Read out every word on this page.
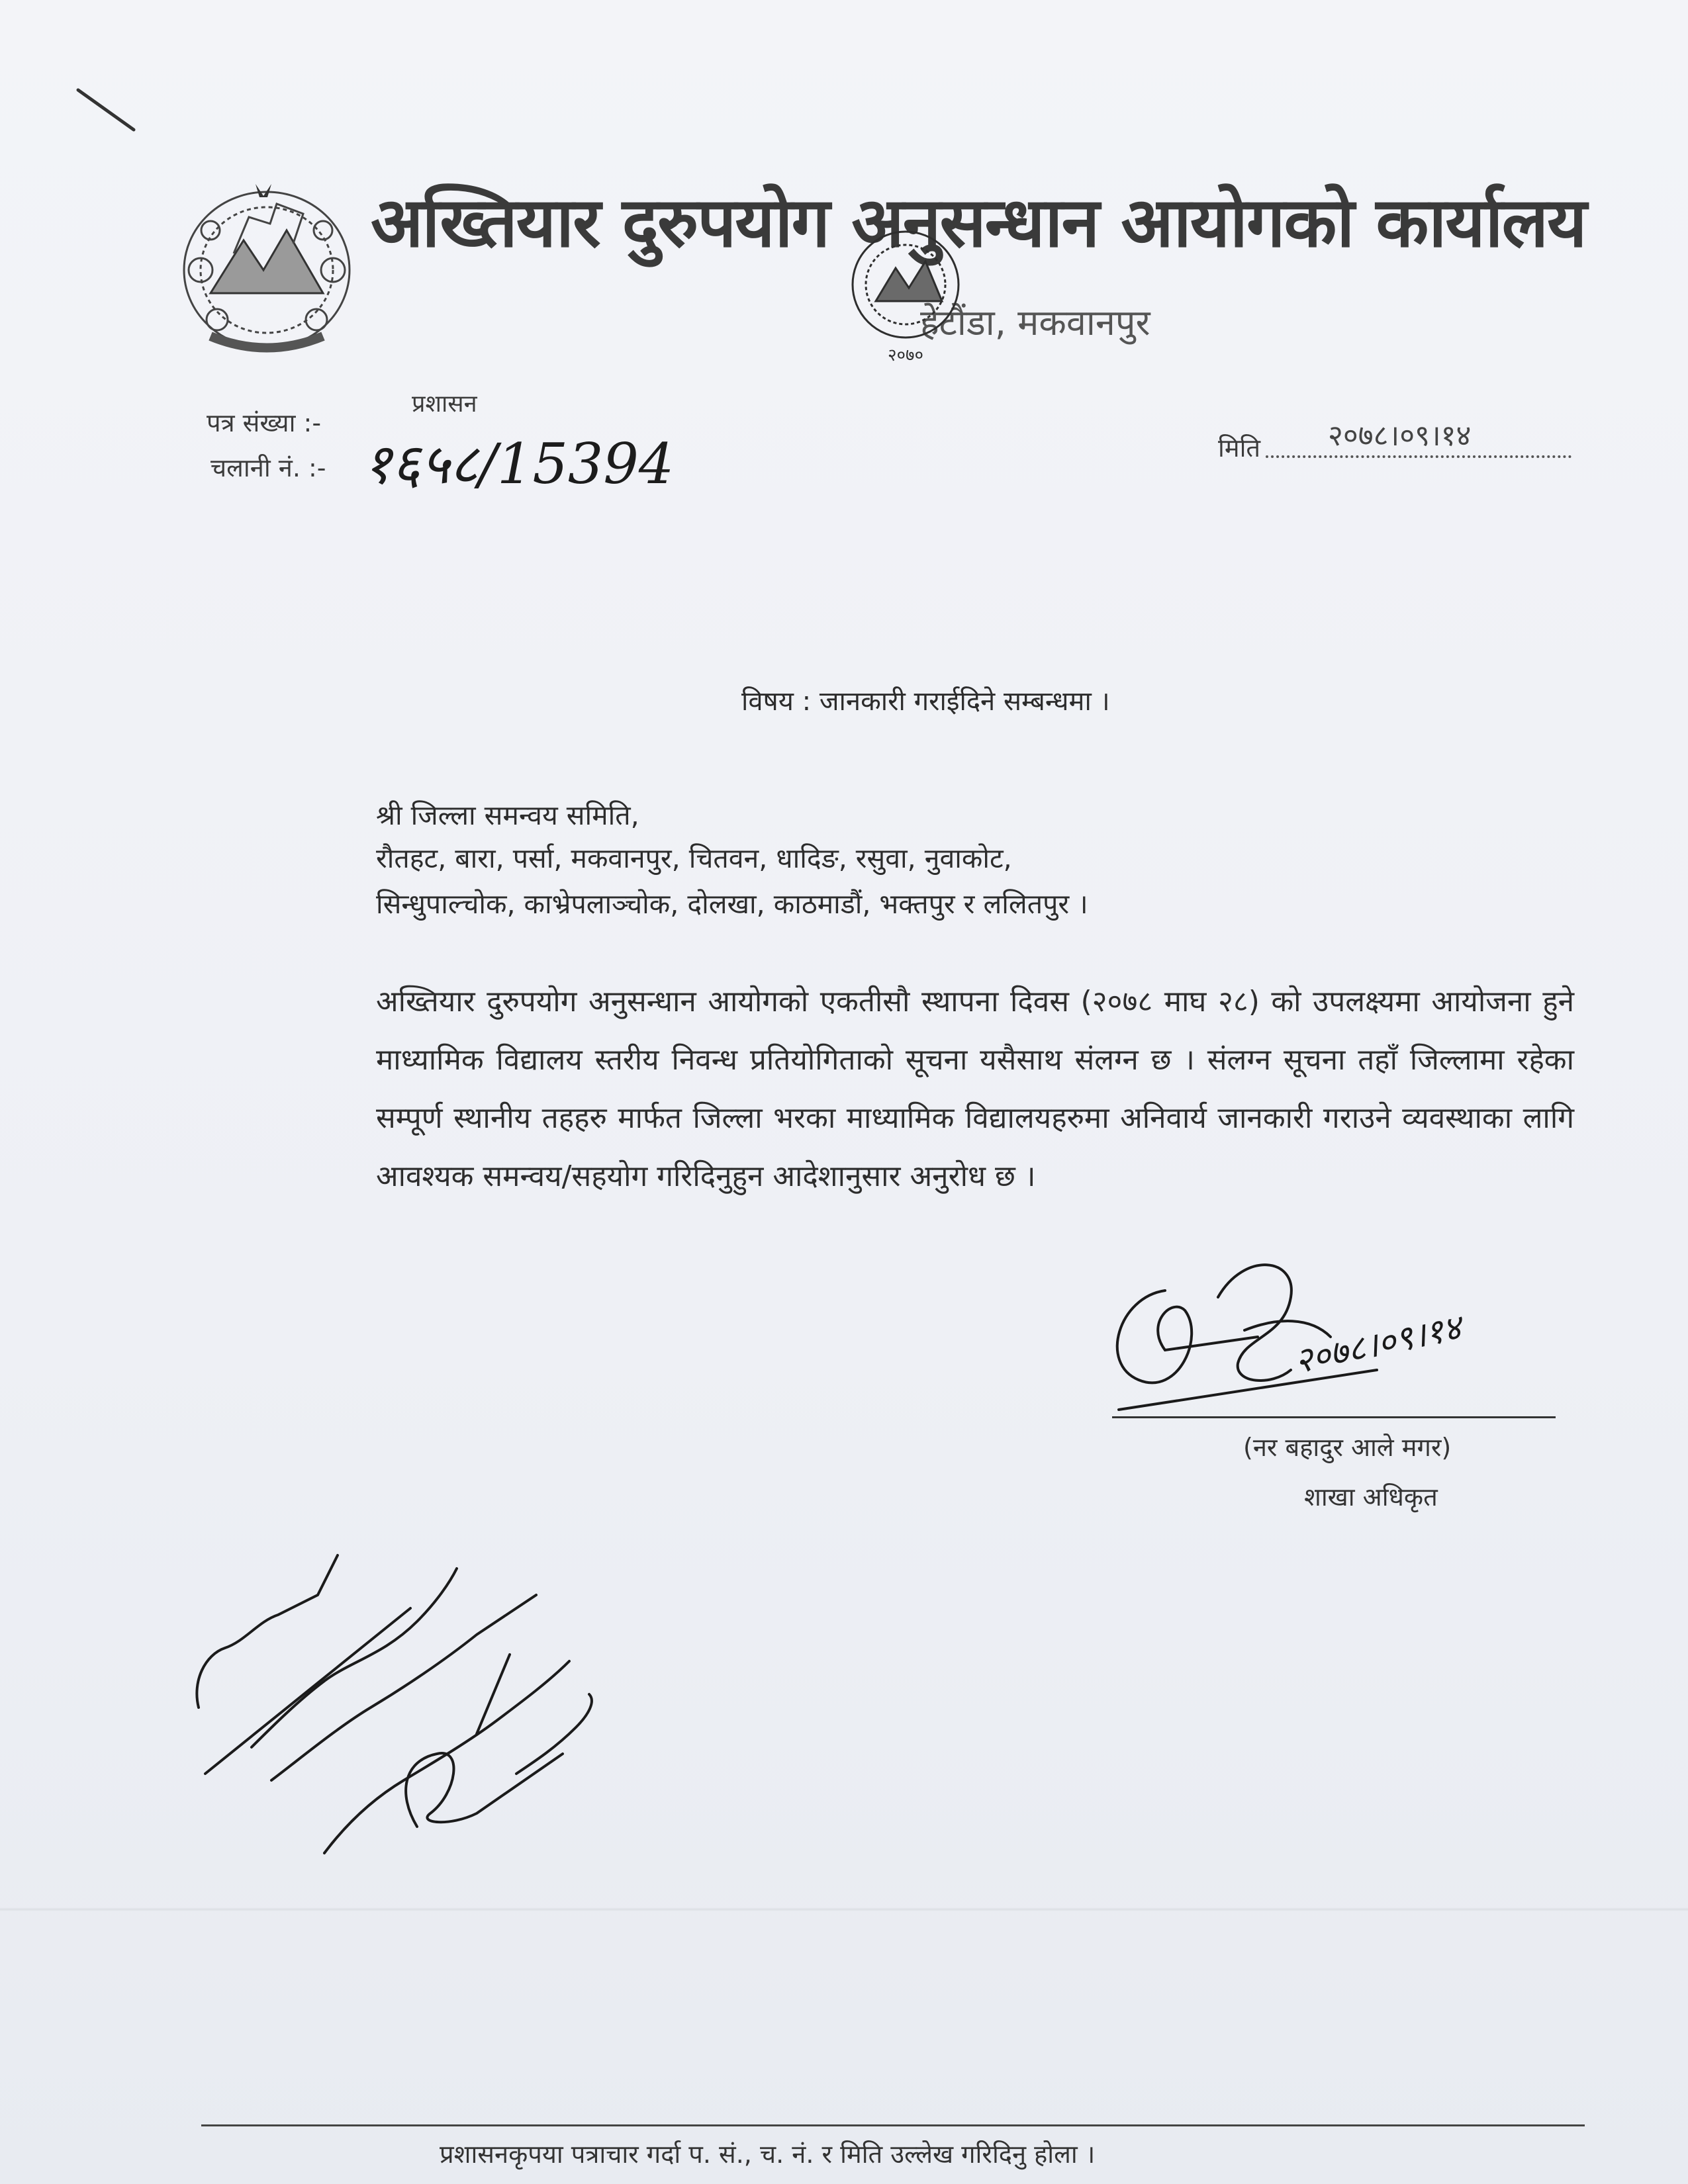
अख्तियार दुरुपयोग अनुसन्धान आयोगको कार्यालय
हेटौंडा, मकवानपुर
२०७०
प्रशासन
पत्र संख्या :-
चलानी नं. :- १६५८/15394	मिति २०७८।०९।१४
विषय : जानकारी गराईदिने सम्बन्धमा ।
श्री जिल्ला समन्वय समिति,
रौतहट, बारा, पर्सा, मकवानपुर, चितवन, धादिङ, रसुवा, नुवाकोट,
सिन्धुपाल्चोक, काभ्रेपलाञ्चोक, दोलखा, काठमाडौं, भक्तपुर र ललितपुर ।
अख्तियार दुरुपयोग अनुसन्धान आयोगको एकतीसौ स्थापना दिवस (२०७८ माघ २८) को उपलक्ष्यमा आयोजना हुने माध्यामिक विद्यालय स्तरीय निवन्ध प्रतियोगिताको सूचना यसैसाथ संलग्न छ । संलग्न सूचना तहाँ जिल्लामा रहेका सम्पूर्ण स्थानीय तहहरु मार्फत जिल्ला भरका माध्यामिक विद्यालयहरुमा अनिवार्य जानकारी गराउने व्यवस्थाका लागि आवश्यक समन्वय/सहयोग गरिदिनुहुन आदेशानुसार अनुरोध छ ।
२०७८।०९।१४
(नर बहादुर आले मगर)
शाखा अधिकृत
प्रशासनकृपया पत्राचार गर्दा प. सं., च. नं. र मिति उल्लेख गरिदिनु होला ।
